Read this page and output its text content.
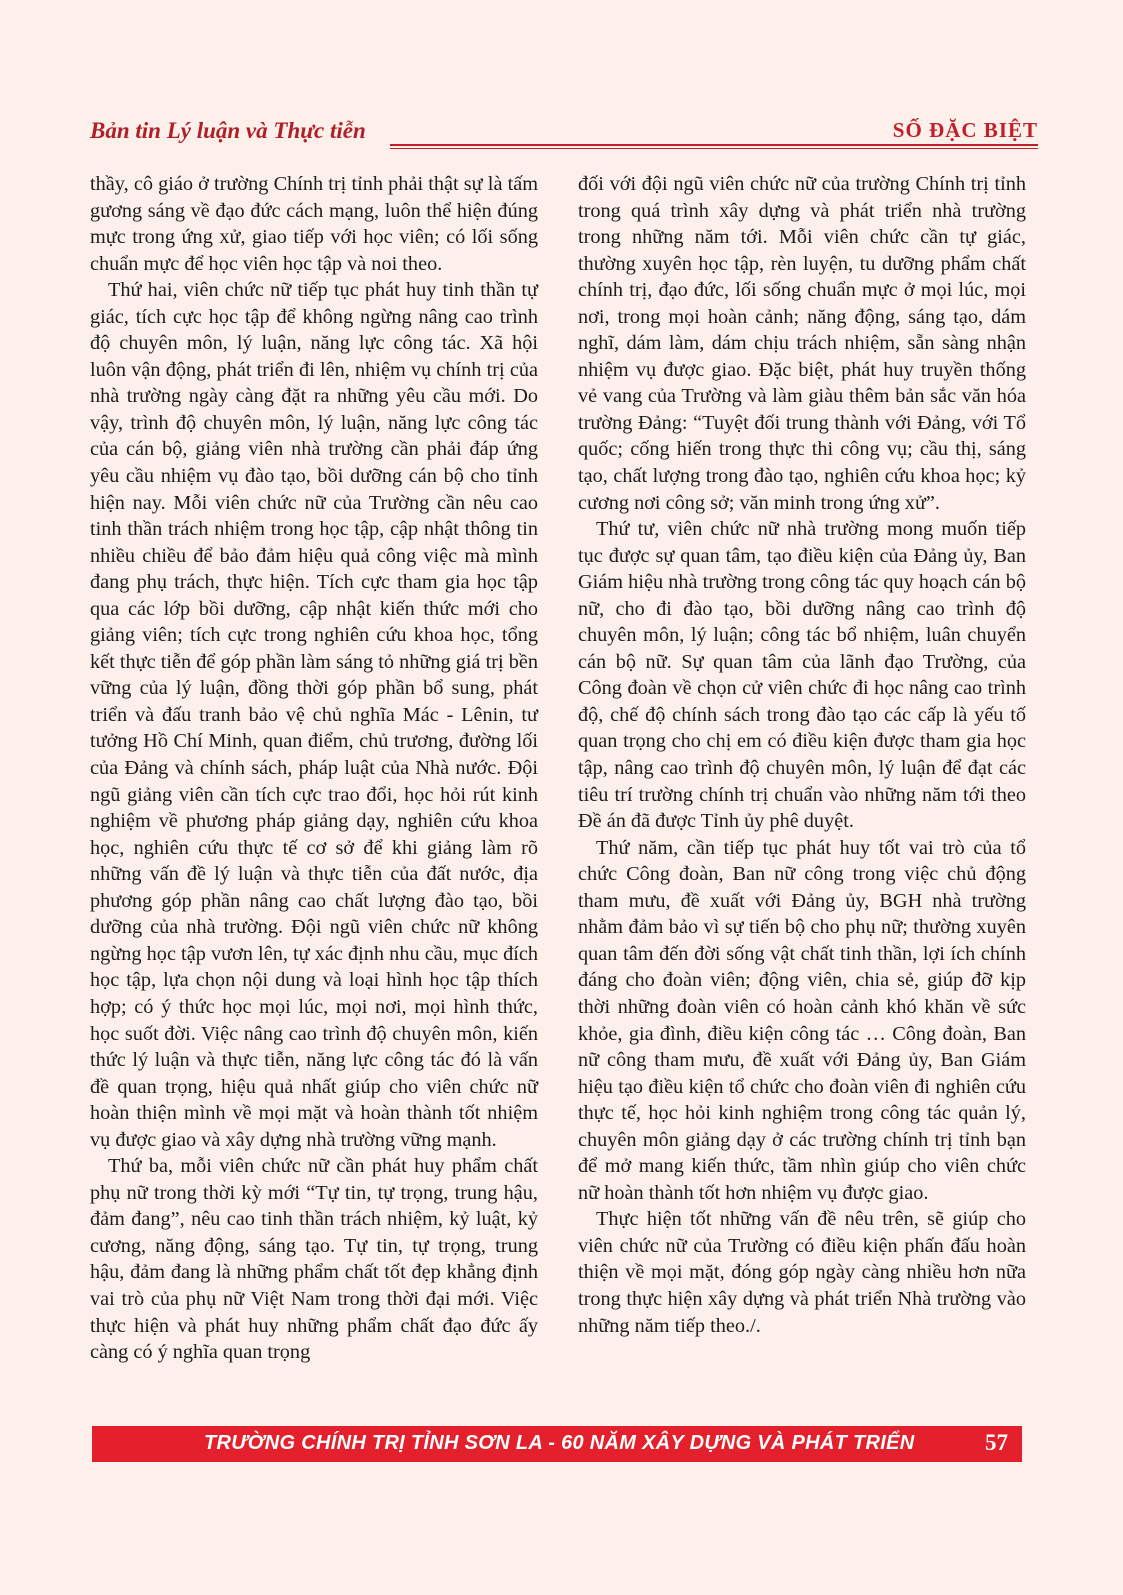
Bản tin Lý luận và Thực tiễn	SỐ ĐẶC BIỆT

thầy, cô giáo ở trường Chính trị tỉnh phải thật sự là tấm gương sáng về đạo đức cách mạng, luôn thể hiện đúng mực trong ứng xử, giao tiếp với học viên; có lối sống chuẩn mực để học viên học tập và noi theo.

Thứ hai, viên chức nữ tiếp tục phát huy tinh thần tự giác, tích cực học tập để không ngừng nâng cao trình độ chuyên môn, lý luận, năng lực công tác. Xã hội luôn vận động, phát triển đi lên, nhiệm vụ chính trị của nhà trường ngày càng đặt ra những yêu cầu mới. Do vậy, trình độ chuyên môn, lý luận, năng lực công tác của cán bộ, giảng viên nhà trường cần phải đáp ứng yêu cầu nhiệm vụ đào tạo, bồi dưỡng cán bộ cho tỉnh hiện nay. Mỗi viên chức nữ của Trường cần nêu cao tinh thần trách nhiệm trong học tập, cập nhật thông tin nhiều chiều để bảo đảm hiệu quả công việc mà mình đang phụ trách, thực hiện. Tích cực tham gia học tập qua các lớp bồi dưỡng, cập nhật kiến thức mới cho giảng viên; tích cực trong nghiên cứu khoa học, tổng kết thực tiễn để góp phần làm sáng tỏ những giá trị bền vững của lý luận, đồng thời góp phần bổ sung, phát triển và đấu tranh bảo vệ chủ nghĩa Mác - Lênin, tư tưởng Hồ Chí Minh, quan điểm, chủ trương, đường lối của Đảng và chính sách, pháp luật của Nhà nước. Đội ngũ giảng viên cần tích cực trao đổi, học hỏi rút kinh nghiệm về phương pháp giảng dạy, nghiên cứu khoa học, nghiên cứu thực tế cơ sở để khi giảng làm rõ những vấn đề lý luận và thực tiễn của đất nước, địa phương góp phần nâng cao chất lượng đào tạo, bồi dưỡng của nhà trường. Đội ngũ viên chức nữ không ngừng học tập vươn lên, tự xác định nhu cầu, mục đích học tập, lựa chọn nội dung và loại hình học tập thích hợp; có ý thức học mọi lúc, mọi nơi, mọi hình thức, học suốt đời. Việc nâng cao trình độ chuyên môn, kiến thức lý luận và thực tiễn, năng lực công tác đó là vấn đề quan trọng, hiệu quả nhất giúp cho viên chức nữ hoàn thiện mình về mọi mặt và hoàn thành tốt nhiệm vụ được giao và xây dựng nhà trường vững mạnh.

Thứ ba, mỗi viên chức nữ cần phát huy phẩm chất phụ nữ trong thời kỳ mới “Tự tin, tự trọng, trung hậu, đảm đang”, nêu cao tinh thần trách nhiệm, kỷ luật, kỷ cương, năng động, sáng tạo. Tự tin, tự trọng, trung hậu, đảm đang là những phẩm chất tốt đẹp khẳng định vai trò của phụ nữ Việt Nam trong thời đại mới. Việc thực hiện và phát huy những phẩm chất đạo đức ấy càng có ý nghĩa quan trọng

đối với đội ngũ viên chức nữ của trường Chính trị tỉnh trong quá trình xây dựng và phát triển nhà trường trong những năm tới. Mỗi viên chức cần tự giác, thường xuyên học tập, rèn luyện, tu dưỡng phẩm chất chính trị, đạo đức, lối sống chuẩn mực ở mọi lúc, mọi nơi, trong mọi hoàn cảnh; năng động, sáng tạo, dám nghĩ, dám làm, dám chịu trách nhiệm, sẵn sàng nhận nhiệm vụ được giao. Đặc biệt, phát huy truyền thống vẻ vang của Trường và làm giàu thêm bản sắc văn hóa trường Đảng: “Tuyệt đối trung thành với Đảng, với Tổ quốc; cống hiến trong thực thi công vụ; cầu thị, sáng tạo, chất lượng trong đào tạo, nghiên cứu khoa học; kỷ cương nơi công sở; văn minh trong ứng xử”.

Thứ tư, viên chức nữ nhà trường mong muốn tiếp tục được sự quan tâm, tạo điều kiện của Đảng ủy, Ban Giám hiệu nhà trường trong công tác quy hoạch cán bộ nữ, cho đi đào tạo, bồi dưỡng nâng cao trình độ chuyên môn, lý luận; công tác bổ nhiệm, luân chuyển cán bộ nữ. Sự quan tâm của lãnh đạo Trường, của Công đoàn về chọn cử viên chức đi học nâng cao trình độ, chế độ chính sách trong đào tạo các cấp là yếu tố quan trọng cho chị em có điều kiện được tham gia học tập, nâng cao trình độ chuyên môn, lý luận để đạt các tiêu trí trường chính trị chuẩn vào những năm tới theo Đề án đã được Tỉnh ủy phê duyệt.

Thứ năm, cần tiếp tục phát huy tốt vai trò của tổ chức Công đoàn, Ban nữ công trong việc chủ động tham mưu, đề xuất với Đảng ủy, BGH nhà trường nhằm đảm bảo vì sự tiến bộ cho phụ nữ; thường xuyên quan tâm đến đời sống vật chất tinh thần, lợi ích chính đáng cho đoàn viên; động viên, chia sẻ, giúp đỡ kịp thời những đoàn viên có hoàn cảnh khó khăn về sức khỏe, gia đình, điều kiện công tác … Công đoàn, Ban nữ công tham mưu, đề xuất với Đảng ủy, Ban Giám hiệu tạo điều kiện tổ chức cho đoàn viên đi nghiên cứu thực tế, học hỏi kinh nghiệm trong công tác quản lý, chuyên môn giảng dạy ở các trường chính trị tỉnh bạn để mở mang kiến thức, tầm nhìn giúp cho viên chức nữ hoàn thành tốt hơn nhiệm vụ được giao.

Thực hiện tốt những vấn đề nêu trên, sẽ giúp cho viên chức nữ của Trường có điều kiện phấn đấu hoàn thiện về mọi mặt, đóng góp ngày càng nhiều hơn nữa trong thực hiện xây dựng và phát triển Nhà trường vào những năm tiếp theo./.

TRƯỜNG CHÍNH TRỊ TỈNH SƠN LA - 60 NĂM XÂY DỰNG VÀ PHÁT TRIỂN	57
